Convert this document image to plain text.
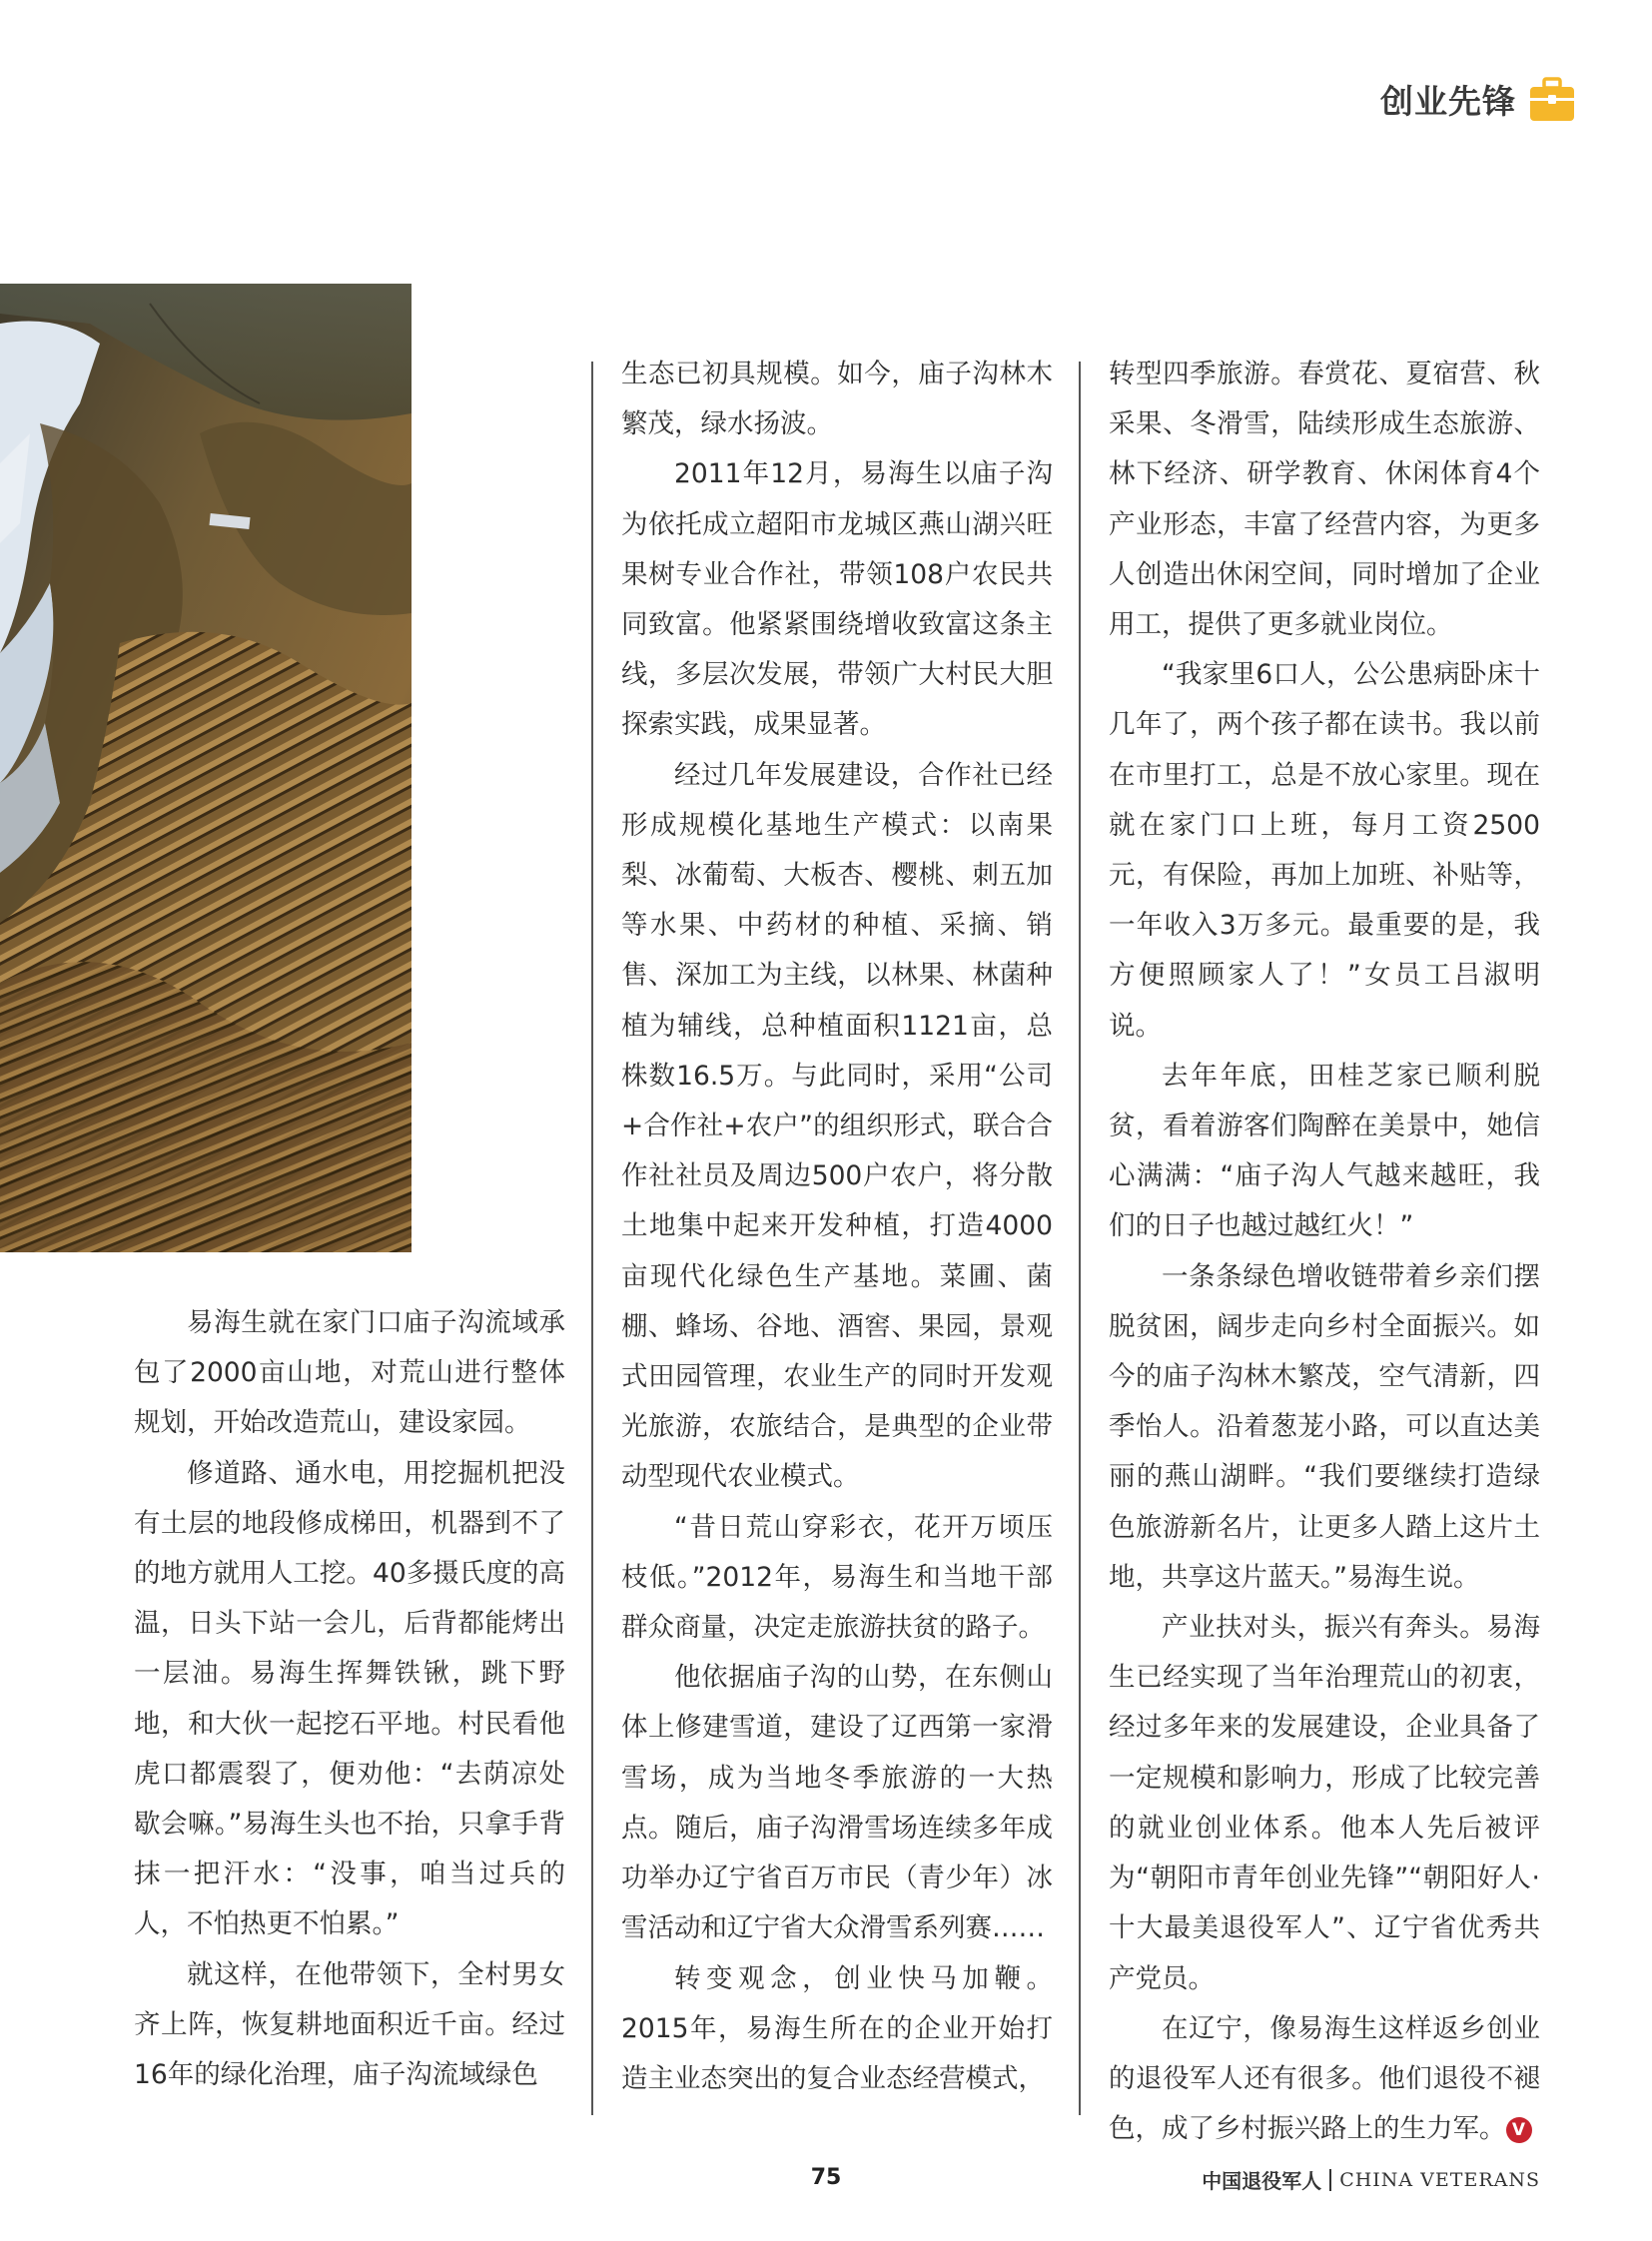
创业先锋

易海生就在家门口庙子沟流域承包了2000亩山地，对荒山进行整体规划，开始改造荒山，建设家园。

修道路、通水电，用挖掘机把没有土层的地段修成梯田，机器到不了的地方就用人工挖。40多摄氏度的高温，日头下站一会儿，后背都能烤出一层油。易海生挥舞铁锹，跳下野地，和大伙一起挖石平地。村民看他虎口都震裂了，便劝他：“去荫凉处歇会嘛。”易海生头也不抬，只拿手背抹一把汗水：“没事，咱当过兵的人，不怕热更不怕累。”

就这样，在他带领下，全村男女齐上阵，恢复耕地面积近千亩。经过16年的绿化治理，庙子沟流域绿色

生态已初具规模。如今，庙子沟林木繁茂，绿水扬波。

2011年12月，易海生以庙子沟为依托成立超阳市龙城区燕山湖兴旺果树专业合作社，带领108户农民共同致富。他紧紧围绕增收致富这条主线，多层次发展，带领广大村民大胆探索实践，成果显著。

经过几年发展建设，合作社已经形成规模化基地生产模式：以南果梨、冰葡萄、大板杏、樱桃、刺五加等水果、中药材的种植、采摘、销售、深加工为主线，以林果、林菌种植为辅线，总种植面积1121亩，总株数16.5万。与此同时，采用“公司+合作社+农户”的组织形式，联合合作社社员及周边500户农户，将分散土地集中起来开发种植，打造4000亩现代化绿色生产基地。菜圃、菌棚、蜂场、谷地、酒窖、果园，景观式田园管理，农业生产的同时开发观光旅游，农旅结合，是典型的企业带动型现代农业模式。

“昔日荒山穿彩衣，花开万顷压枝低。”2012年，易海生和当地干部群众商量，决定走旅游扶贫的路子。

他依据庙子沟的山势，在东侧山体上修建雪道，建设了辽西第一家滑雪场，成为当地冬季旅游的一大热点。随后，庙子沟滑雪场连续多年成功举办辽宁省百万市民（青少年）冰雪活动和辽宁省大众滑雪系列赛……

转变观念，创业快马加鞭。2015年，易海生所在的企业开始打造主业态突出的复合业态经营模式，

转型四季旅游。春赏花、夏宿营、秋采果、冬滑雪，陆续形成生态旅游、林下经济、研学教育、休闲体育4个产业形态，丰富了经营内容，为更多人创造出休闲空间，同时增加了企业用工，提供了更多就业岗位。

“我家里6口人，公公患病卧床十几年了，两个孩子都在读书。我以前在市里打工，总是不放心家里。现在就在家门口上班，每月工资2500元，有保险，再加上加班、补贴等，一年收入3万多元。最重要的是，我方便照顾家人了！”女员工吕淑明说。

去年年底，田桂芝家已顺利脱贫，看着游客们陶醉在美景中，她信心满满：“庙子沟人气越来越旺，我们的日子也越过越红火！”

一条条绿色增收链带着乡亲们摆脱贫困，阔步走向乡村全面振兴。如今的庙子沟林木繁茂，空气清新，四季怡人。沿着葱茏小路，可以直达美丽的燕山湖畔。“我们要继续打造绿色旅游新名片，让更多人踏上这片土地，共享这片蓝天。”易海生说。

产业扶对头，振兴有奔头。易海生已经实现了当年治理荒山的初衷，经过多年来的发展建设，企业具备了一定规模和影响力，形成了比较完善的就业创业体系。他本人先后被评为“朝阳市青年创业先锋”“朝阳好人·十大最美退役军人”、辽宁省优秀共产党员。

在辽宁，像易海生这样返乡创业的退役军人还有很多。他们退役不褪色，成了乡村振兴路上的生力军。 V

75	中国退役军人 CHINA VETERANS
